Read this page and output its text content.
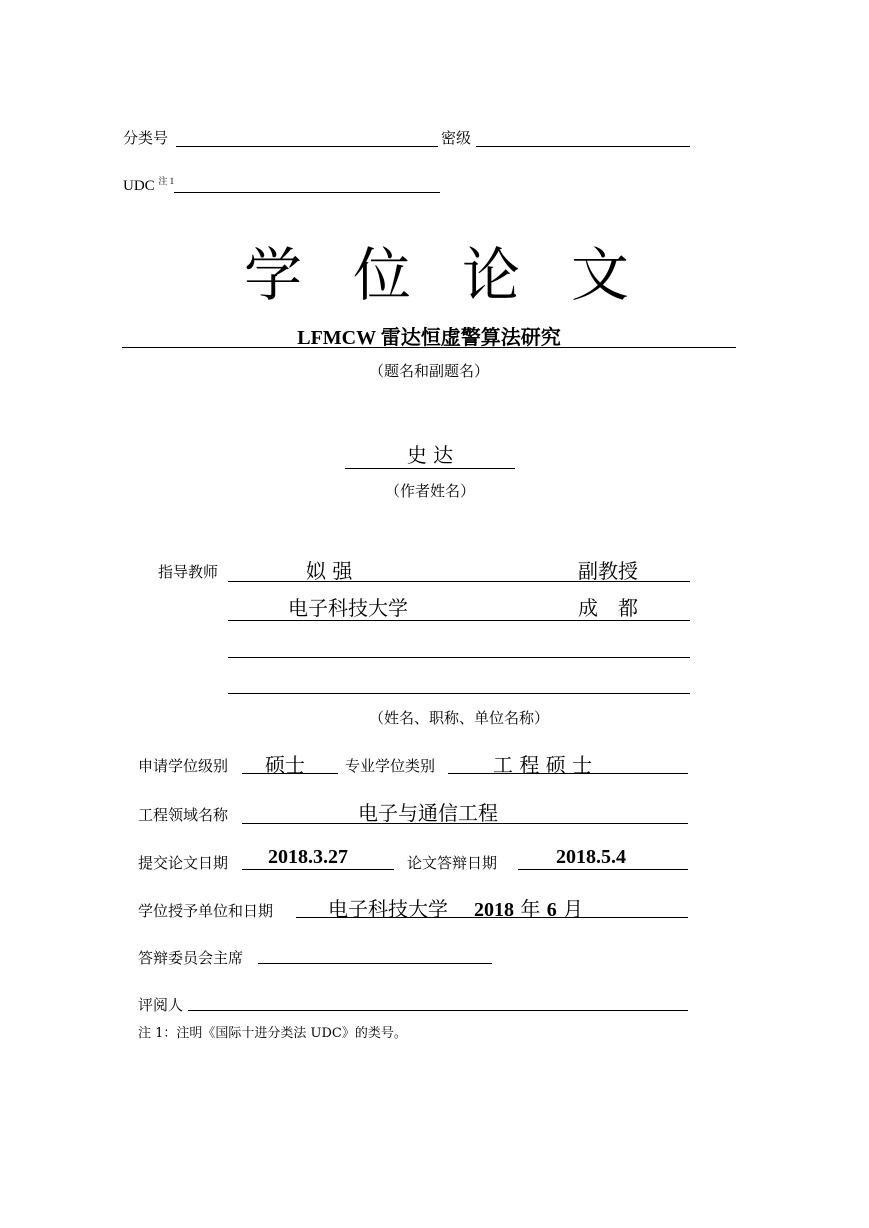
分类号	密级
UDC $^{注 1}$
学 位 论 文
LFMCW 雷达恒虚警算法研究
（题名和副题名）
史 达
（作者姓名）
指导教师	姒 强	副教授
电子科技大学	成　都
（姓名、职称、单位名称）
申请学位级别 硕士	专业学位类别	工 程 硕 士
工程领域名称	电子与通信工程
提交论文日期 2018.3.27	论文答辩日期	2018.5.4
学位授予单位和日期	电子科技大学 2018 年 6 月
答辩委员会主席
评阅人
注 1：注明《国际十进分类法 UDC》的类号。
